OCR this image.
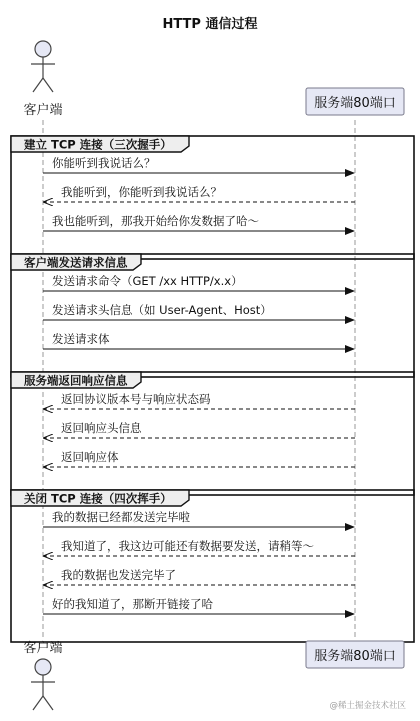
HTTP 通信过程
客户端	服务端80端口
建立 TCP 连接（三次握手）
你能听到我说话么？
我能听到，你能听到我说话么？
我也能听到，那我开始给你发数据了哈～
客户端发送请求信息
发送请求命令（GET /xx HTTP/x.x）
发送请求头信息（如 User-Agent、Host）
发送请求体
服务端返回响应信息
返回协议版本号与响应状态码
返回响应头信息
返回响应体
关闭 TCP 连接（四次挥手）
我的数据已经都发送完毕啦
我知道了，我这边可能还有数据要发送，请稍等～
我的数据也发送完毕了
好的我知道了，那断开链接了哈
客户端
服务端80端口
@稀土掘金技术社区
